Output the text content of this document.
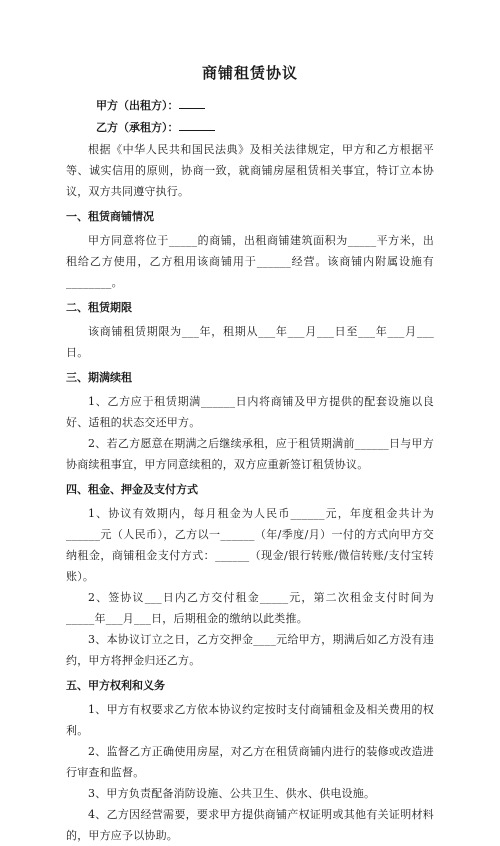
商铺租赁协议
甲方（出租方）：
乙方（承租方）：

根据《中华人民共和国民法典》及相关法律规定，甲方和乙方根据平等、诚实信用的原则，协商一致，就商铺房屋租赁相关事宜，特订立本协议，双方共同遵守执行。

一、租赁商铺情况

甲方同意将位于_____的商铺，出租商铺建筑面积为_____平方米，出租给乙方使用，乙方租用该商铺用于______经营。该商铺内附属设施有________。

二、租赁期限

该商铺租赁期限为___年，租期从___年___月___日至___年___月___日。

三、期满续租

1、乙方应于租赁期满______日内将商铺及甲方提供的配套设施以良好、适租的状态交还甲方。

2、若乙方愿意在期满之后继续承租，应于租赁期满前______日与甲方协商续租事宜，甲方同意续租的，双方应重新签订租赁协议。

四、租金、押金及支付方式

1、协议有效期内，每月租金为人民币______元，年度租金共计为______元（人民币），乙方以一______（年/季度/月）一付的方式向甲方交纳租金，商铺租金支付方式：______（现金/银行转账/微信转账/支付宝转账）。

2、签协议___日内乙方交付租金_____元，第二次租金支付时间为_____年___月___日，后期租金的缴纳以此类推。

3、本协议订立之日，乙方交押金____元给甲方，期满后如乙方没有违约，甲方将押金归还乙方。

五、甲方权利和义务

1、甲方有权要求乙方依本协议约定按时支付商铺租金及相关费用的权利。

2、监督乙方正确使用房屋，对乙方在租赁商铺内进行的装修或改造进行审查和监督。

3、甲方负责配备消防设施、公共卫生、供水、供电设施。

4、乙方因经营需要，要求甲方提供商铺产权证明或其他有关证明材料的，甲方应予以协助。
